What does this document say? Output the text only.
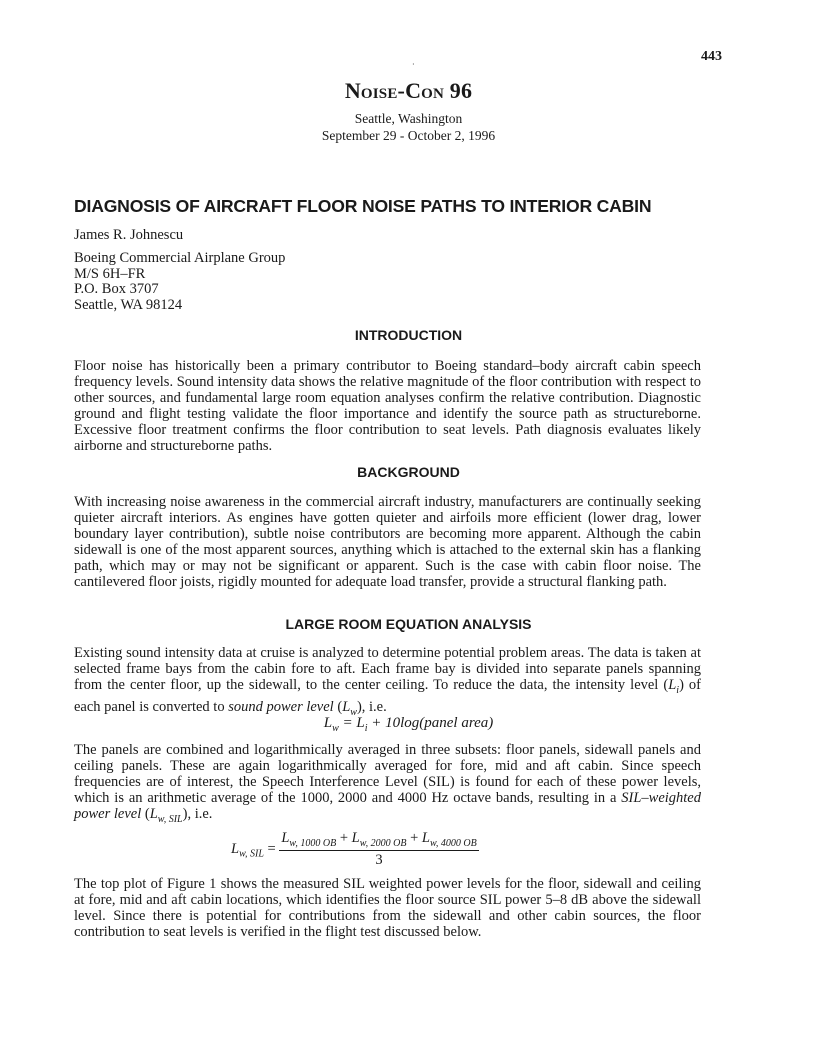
·
443
Noise-Con 96
Seattle, Washington
September 29 - October 2, 1996
DIAGNOSIS OF AIRCRAFT FLOOR NOISE PATHS TO INTERIOR CABIN
James R. Johnescu
Boeing Commercial Airplane Group
M/S 6H–FR
P.O. Box 3707
Seattle, WA 98124
INTRODUCTION
Floor noise has historically been a primary contributor to Boeing standard–body aircraft cabin speech frequency levels. Sound intensity data shows the relative magnitude of the floor contribution with respect to other sources, and fundamental large room equation analyses confirm the relative contribution. Diagnostic ground and flight testing validate the floor importance and identify the source path as structureborne. Excessive floor treatment confirms the floor contribution to seat levels. Path diagnosis evaluates likely airborne and structureborne paths.
BACKGROUND
With increasing noise awareness in the commercial aircraft industry, manufacturers are continually seeking quieter aircraft interiors. As engines have gotten quieter and airfoils more efficient (lower drag, lower boundary layer contribution), subtle noise contributors are becoming more apparent. Although the cabin sidewall is one of the most apparent sources, anything which is attached to the external skin has a flanking path, which may or may not be significant or apparent. Such is the case with cabin floor noise. The cantilevered floor joists, rigidly mounted for adequate load transfer, provide a structural flanking path.
LARGE ROOM EQUATION ANALYSIS
Existing sound intensity data at cruise is analyzed to determine potential problem areas. The data is taken at selected frame bays from the cabin fore to aft. Each frame bay is divided into separate panels spanning from the center floor, up the sidewall, to the center ceiling. To reduce the data, the intensity level $(L_i)$ of each panel is converted to sound power level $(L_w)$, i.e.
$L_w = L_i$ + 10log(panel area)
The panels are combined and logarithmically averaged in three subsets: floor panels, sidewall panels and ceiling panels. These are again logarithmically averaged for fore, mid and aft cabin. Since speech frequencies are of interest, the Speech Interference Level (SIL) is found for each of these power levels, which is an arithmetic average of the 1000, 2000 and 4000 Hz octave bands, resulting in a SIL–weighted power level $(L_{w, SIL})$, i.e.
$L_{w, SIL} = \frac{L_{w, 1000 OB} + L_{w, 2000 OB} + L_{w, 4000 OB}}{3}$
The top plot of Figure 1 shows the measured SIL weighted power levels for the floor, sidewall and ceiling at fore, mid and aft cabin locations, which identifies the floor source SIL power 5–8 dB above the sidewall level. Since there is potential for contributions from the sidewall and other cabin sources, the floor contribution to seat levels is verified in the flight test discussed below.
